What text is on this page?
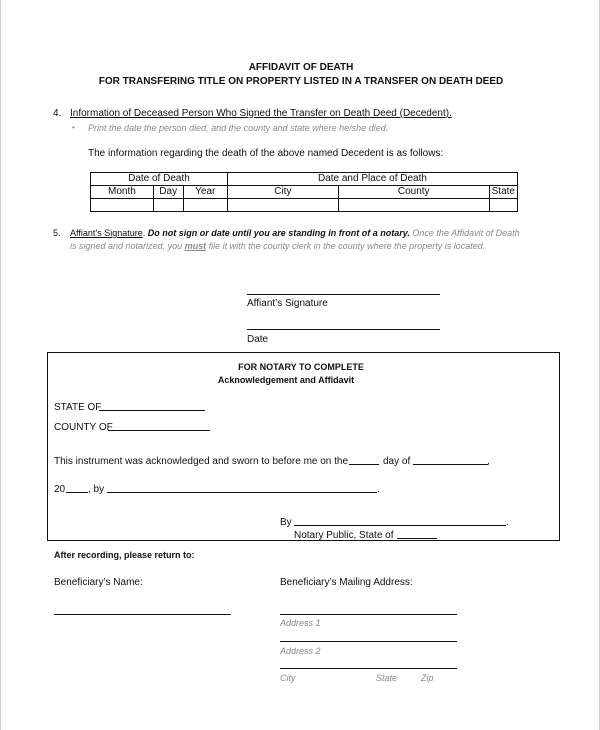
AFFIDAVIT OF DEATH
FOR TRANSFERING TITLE ON PROPERTY LISTED IN A TRANSFER ON DEATH DEED
4. Information of Deceased Person Who Signed the Transfer on Death Deed (Decedent).
• Print the date the person died, and the county and state where he/she died.
The information regarding the death of the above named Decedent is as follows:
Date of Death			Date and Place of Death		
Month	Day	Year	City	County	State

5. Affiant’s Signature. Do not sign or date until you are standing in front of a notary. Once the Affidavit of Death
is signed and notarized, you must file it with the county clerk in the county where the property is located.
Affiant’s Signature
Date
FOR NOTARY TO COMPLETE
Acknowledgement and Affidavit
STATE OF
COUNTY OF
This instrument was acknowledged and sworn to before me on the	day of	,
20 , by	.
By	.
Notary Public, State of
After recording, please return to:
Beneficiary’s Name:	Beneficiary’s Mailing Address:
Address 1
Address 2
City	State	Zip
